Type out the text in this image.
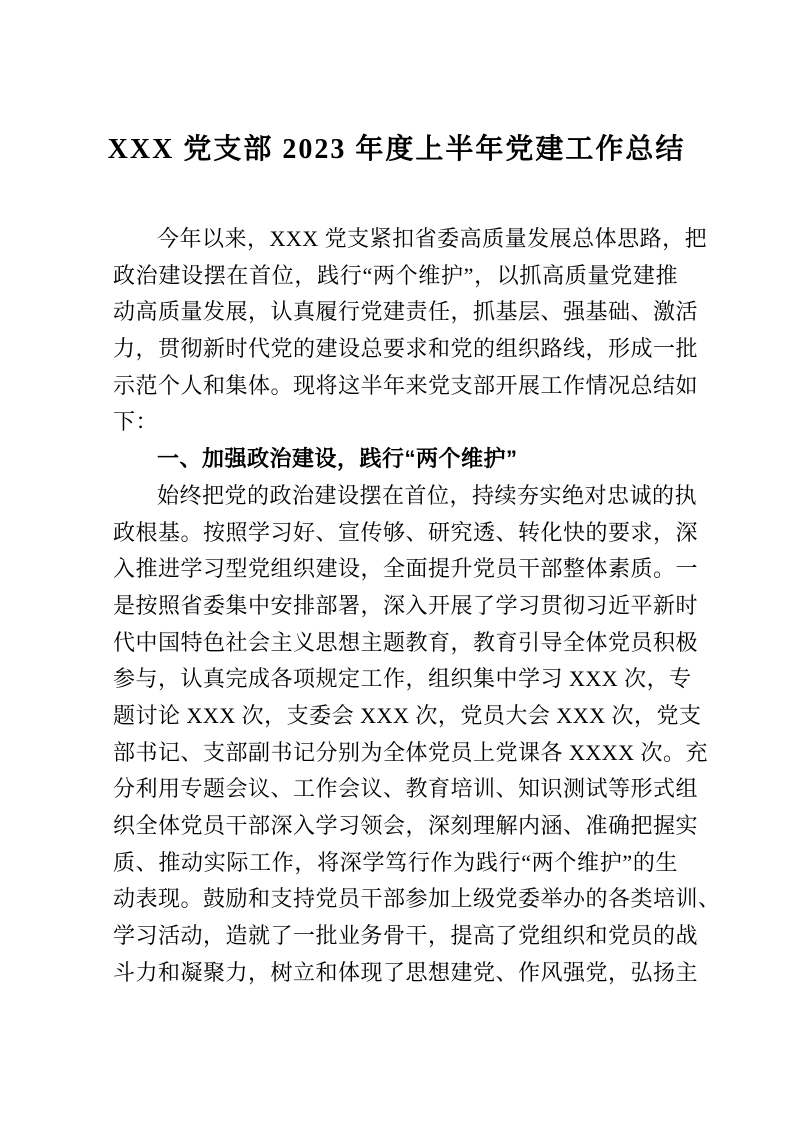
XXX 党支部 2023 年度上半年党建工作总结

今年以来，XXX 党支紧扣省委高质量发展总体思路，把

政治建设摆在首位，践行“两个维护”，以抓高质量党建推

动高质量发展，认真履行党建责任，抓基层、强基础、激活

力，贯彻新时代党的建设总要求和党的组织路线，形成一批

示范个人和集体。现将这半年来党支部开展工作情况总结如

下：

一、加强政治建设，践行“两个维护”

始终把党的政治建设摆在首位，持续夯实绝对忠诚的执

政根基。按照学习好、宣传够、研究透、转化快的要求，深

入推进学习型党组织建设，全面提升党员干部整体素质。一

是按照省委集中安排部署，深入开展了学习贯彻习近平新时

代中国特色社会主义思想主题教育，教育引导全体党员积极

参与，认真完成各项规定工作，组织集中学习 XXX 次，专

题讨论 XXX 次，支委会 XXX 次，党员大会 XXX 次，党支

部书记、支部副书记分别为全体党员上党课各 XXXX 次。充

分利用专题会议、工作会议、教育培训、知识测试等形式组

织全体党员干部深入学习领会，深刻理解内涵、准确把握实

质、推动实际工作，将深学笃行作为践行“两个维护”的生

动表现。鼓励和支持党员干部参加上级党委举办的各类培训、

学习活动，造就了一批业务骨干，提高了党组织和党员的战

斗力和凝聚力，树立和体现了思想建党、作风强党，弘扬主
